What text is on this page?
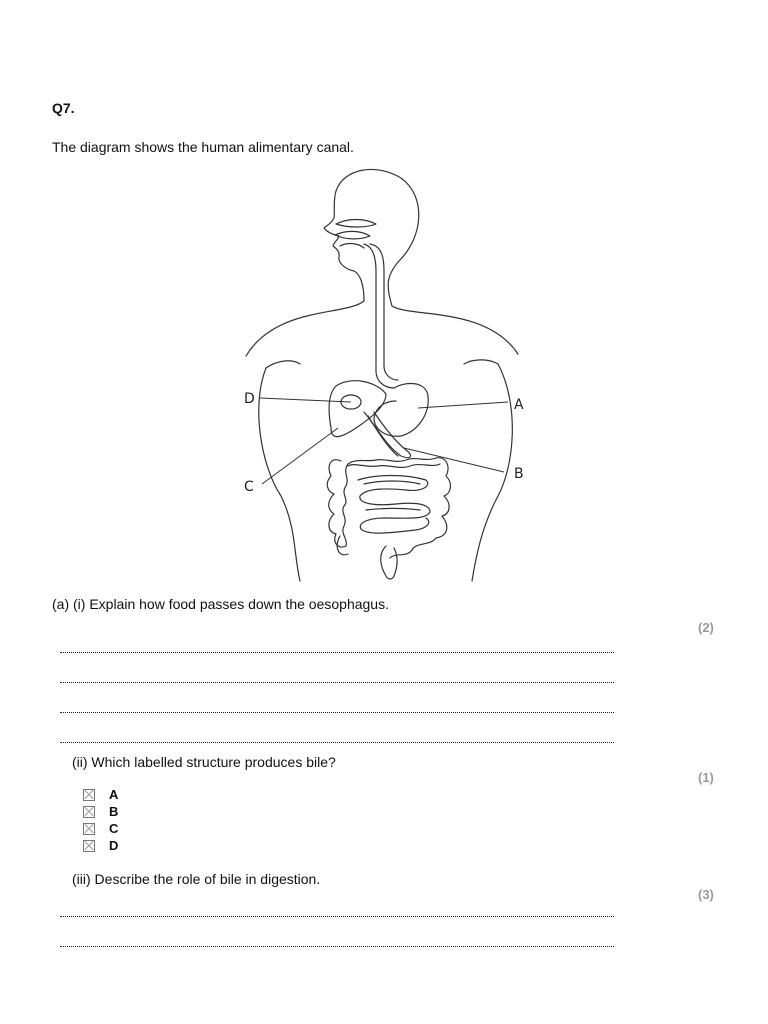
Q7.
The diagram shows the human alimentary canal.
D	A
B
C
(a) (i) Explain how food passes down the oesophagus.
(2)
(ii) Which labelled structure produces bile?
(1)
A
B
C
D
(iii) Describe the role of bile in digestion.
(3)
